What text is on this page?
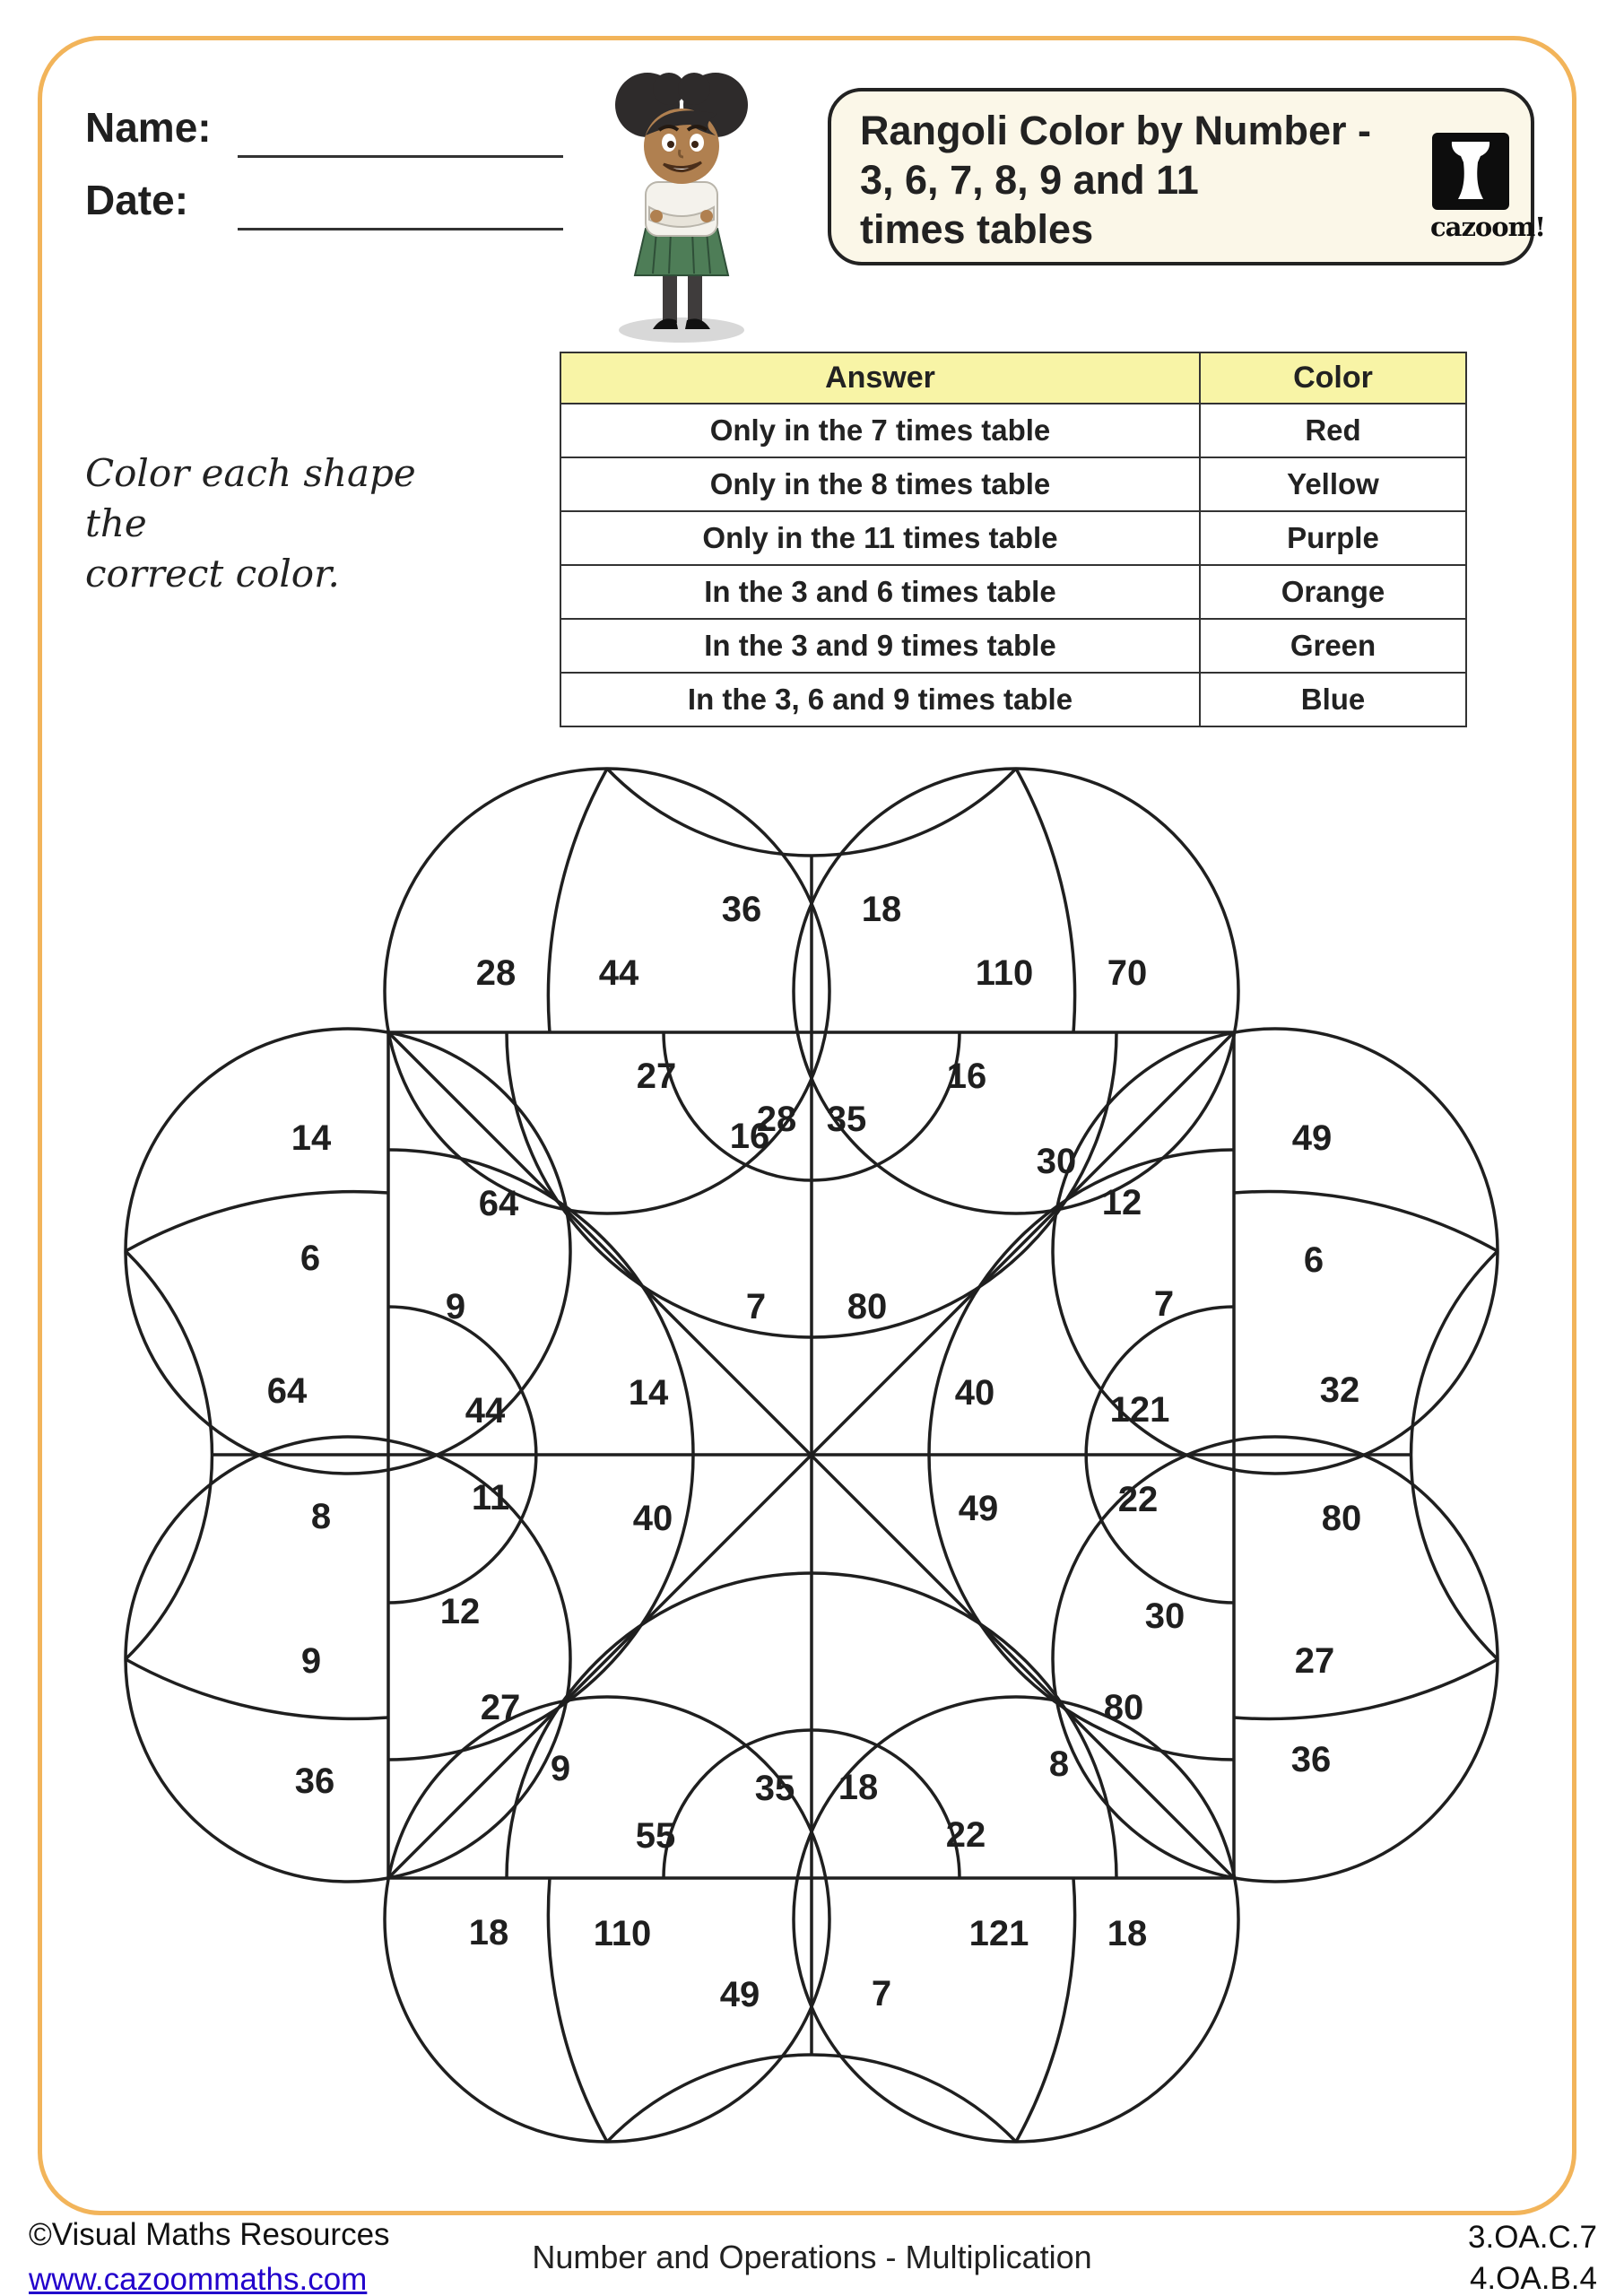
Name:
Date:
Rangoli Color by Number -
3, 6, 7, 8, 9 and 11
times tables	cazoom!
Color each shape the
correct color.
Answer	Color
Only in the 7 times table	Red
Only in the 8 times table	Yellow
Only in the 11 times table	Purple
In the 3 and 6 times table	Orange
In the 3 and 9 times table	Green
In the 3, 6 and 9 times table	Blue
28 44
36	18
110 70
14
27
28 35
16
49
16
30
64	12
6	6
9	7 80	7
64	44	14	40	121	32
8	11
40	49	22	80
12	30
9	27
27	80
9	8
36
36
35 18
55	22
18 110
49	7
121 18
©Visual Maths Resources
www.cazoommaths.com
Number and Operations - Multiplication
3.OA.C.7
4.OA.B.4
